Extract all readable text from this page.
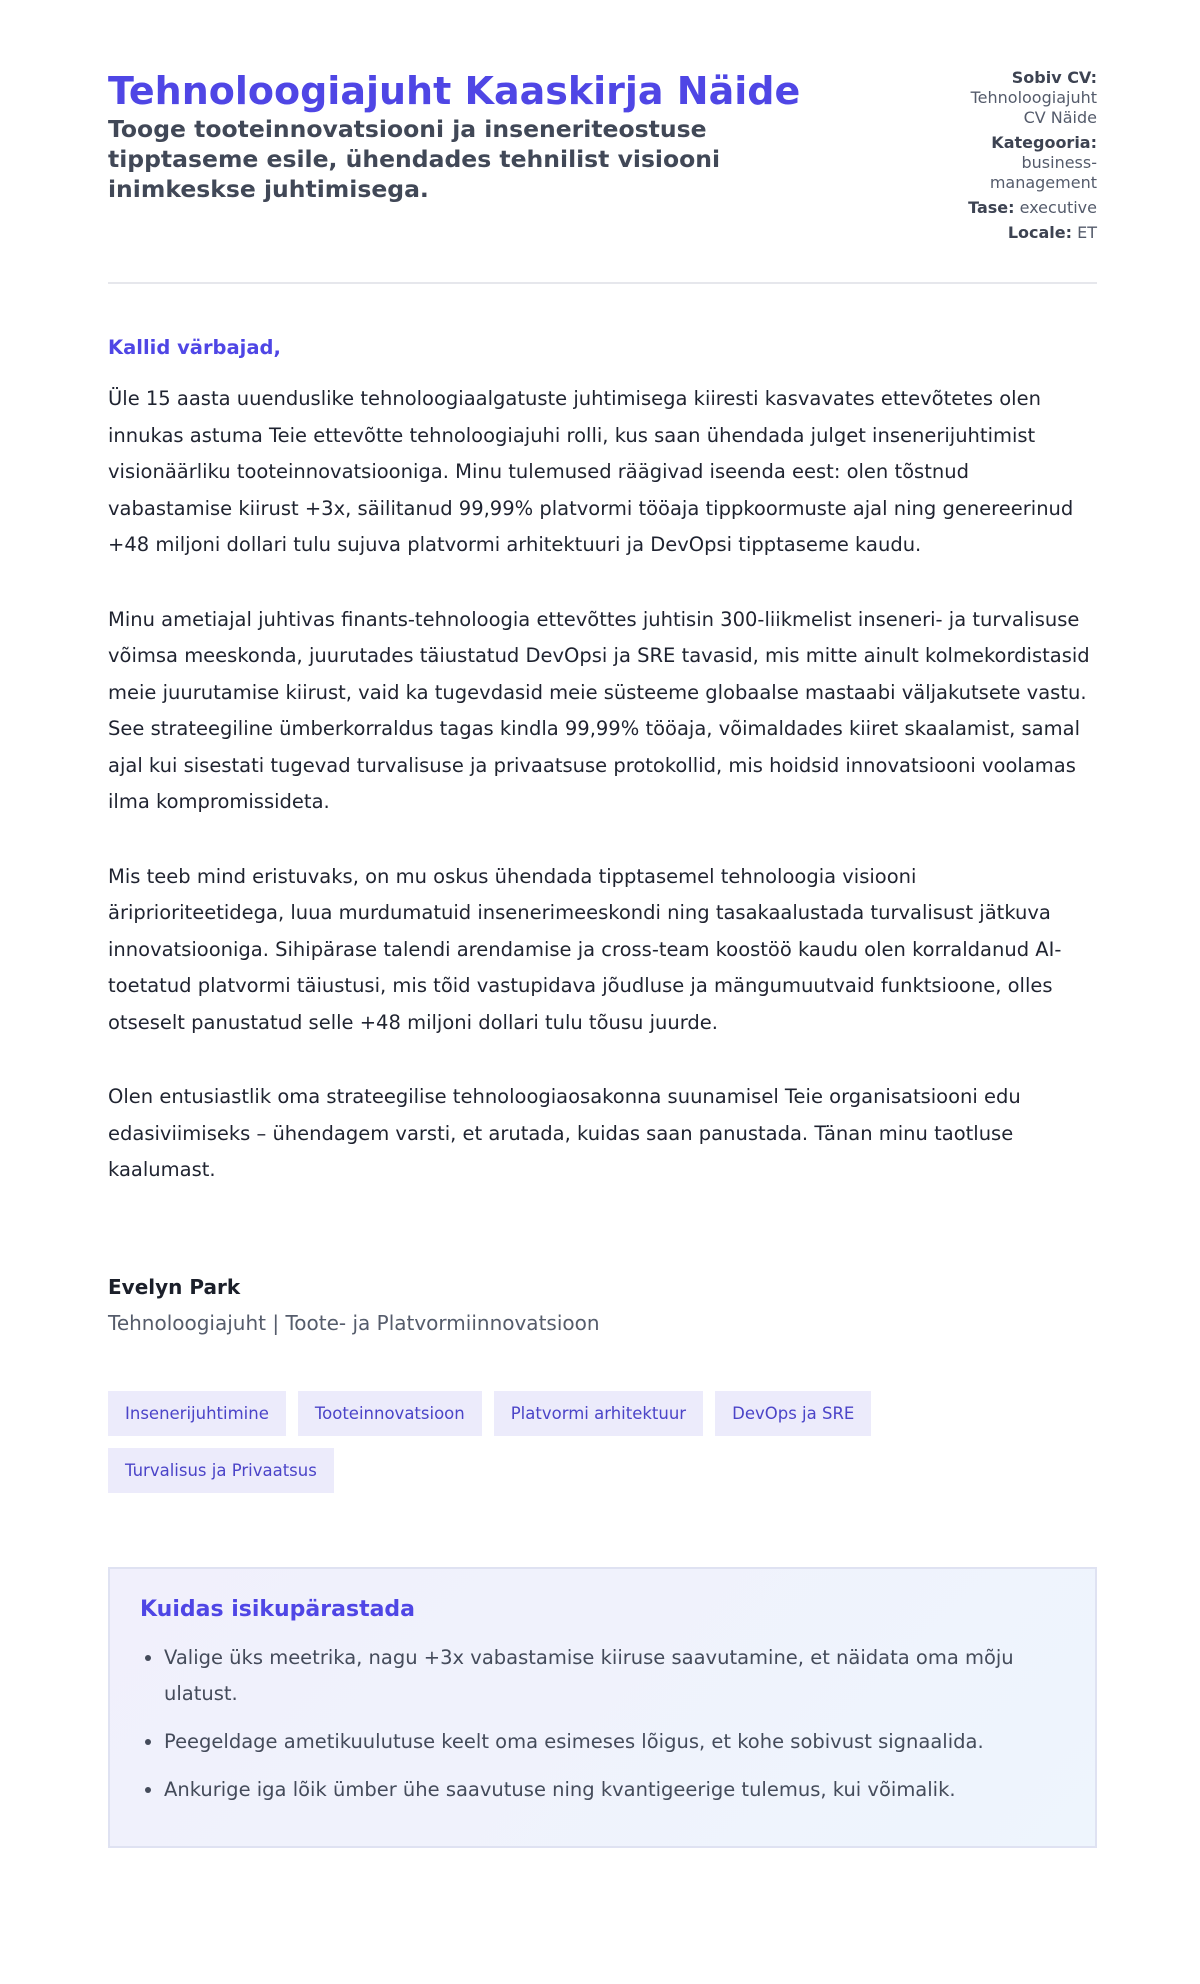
Tehnoloogiajuht Kaaskirja Näide

Tooge tooteinnovatsiooni ja inseneriteostuse tipptaseme esile, ühendades tehnilist visiooni inimkeskse juhtimisega.

Sobiv CV:
Tehnoloogiajuht CV Näide
Kategooria:
business-management
Tase: executive
Locale: ET
Kallid värbajad,

Üle 15 aasta uuenduslike tehnoloogiaalgatuste juhtimisega kiiresti kasvavates ettevõtetes olen innukas astuma Teie ettevõtte tehnoloogiajuhi rolli, kus saan ühendada julget insenerijuhtimist visionäärliku tooteinnovatsiooniga. Minu tulemused räägivad iseenda eest: olen tõstnud vabastamise kiirust +3x, säilitanud 99,99% platvormi tööaja tippkoormuste ajal ning genereerinud +48 miljoni dollari tulu sujuva platvormi arhitektuuri ja DevOpsi tipptaseme kaudu.

Minu ametiajal juhtivas finants-tehnoloogia ettevõttes juhtisin 300-liikmelist inseneri- ja turvalisuse võimsa meeskonda, juurutades täiustatud DevOpsi ja SRE tavasid, mis mitte ainult kolmekordistasid meie juurutamise kiirust, vaid ka tugevdasid meie süsteeme globaalse mastaabi väljakutsete vastu. See strateegiline ümberkorraldus tagas kindla 99,99% tööaja, võimaldades kiiret skaalamist, samal ajal kui sisestati tugevad turvalisuse ja privaatsuse protokollid, mis hoidsid innovatsiooni voolamas ilma kompromissideta.

Mis teeb mind eristuvaks, on mu oskus ühendada tipptasemel tehnoloogia visiooni äriprioriteetidega, luua murdumatuid insenerimeeskondi ning tasakaalustada turvalisust jätkuva innovatsiooniga. Sihipärase talendi arendamise ja cross-team koostöö kaudu olen korraldanud AI-toetatud platvormi täiustusi, mis tõid vastupidava jõudluse ja mängumuutvaid funktsioone, olles otseselt panustatud selle +48 miljoni dollari tulu tõusu juurde.

Olen entusiastlik oma strateegilise tehnoloogiaosakonna suunamisel Teie organisatsiooni edu edasiviimiseks – ühendagem varsti, et arutada, kuidas saan panustada. Tänan minu taotluse kaalumast.

Evelyn Park
Tehnoloogiajuht | Toote- ja Platvormiinnovatsioon
Insenerijuhtimine	Tooteinnovatsioon	Platvormi arhitektuur	DevOps ja SRE
Turvalisus ja Privaatsus
Kuidas isikupärastada
• Valige üks meetrika, nagu +3x vabastamise kiiruse saavutamine, et näidata oma mõju ulatust.
• Peegeldage ametikuulutuse keelt oma esimeses lõigus, et kohe sobivust signaalida.
• Ankurige iga lõik ümber ühe saavutuse ning kvantigeerige tulemus, kui võimalik.
